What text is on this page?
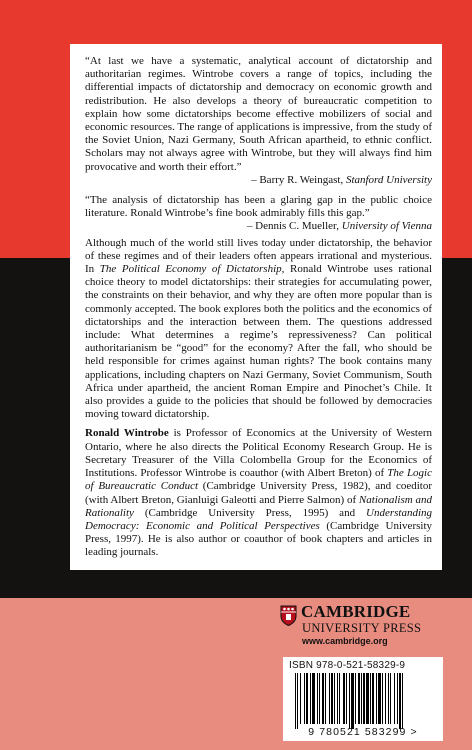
“At last we have a systematic, analytical account of dictatorship and authoritarian regimes. Wintrobe covers a range of topics, including the differential impacts of dictatorship and democracy on economic growth and redistribution. He also develops a theory of bureaucratic competition to explain how some dictatorships become effective mobilizers of social and economic resources. The range of applications is impressive, from the study of the Soviet Union, Nazi Germany, South African apartheid, to ethnic conflict. Scholars may not always agree with Wintrobe, but they will always find him provocative and worth their effort.”

– Barry R. Weingast, Stanford University

“The analysis of dictatorship has been a glaring gap in the public choice literature. Ronald Wintrobe’s fine book admirably fills this gap.”

– Dennis C. Mueller, University of Vienna

Although much of the world still lives today under dictatorship, the behavior of these regimes and of their leaders often appears irrational and mysterious. In The Political Economy of Dictatorship, Ronald Wintrobe uses rational choice theory to model dictatorships: their strategies for accumulating power, the constraints on their behavior, and why they are often more popular than is commonly accepted. The book explores both the politics and the economics of dictatorships and the interaction between them. The questions addressed include: What determines a regime’s repressiveness? Can political authoritarianism be “good” for the economy? After the fall, who should be held responsible for crimes against human rights? The book contains many applications, including chapters on Nazi Germany, Soviet Communism, South Africa under apartheid, the ancient Roman Empire and Pinochet’s Chile. It also provides a guide to the policies that should be followed by democracies moving toward dictatorship.

Ronald Wintrobe is Professor of Economics at the University of Western Ontario, where he also directs the Political Economy Research Group. He is Secretary Treasurer of the Villa Colombella Group for the Economics of Institutions. Professor Wintrobe is coauthor (with Albert Breton) of The Logic of Bureaucratic Conduct (Cambridge University Press, 1982), and coeditor (with Albert Breton, Gianluigi Galeotti and Pierre Salmon) of Nationalism and Rationality (Cambridge University Press, 1995) and Understanding Democracy: Economic and Political Perspectives (Cambridge University Press, 1997). He is also author or coauthor of book chapters and articles in leading journals.

CAMBRIDGE
UNIVERSITY PRESS
www.cambridge.org
ISBN 978-0-521-58329-9
9 780521 583299 >
